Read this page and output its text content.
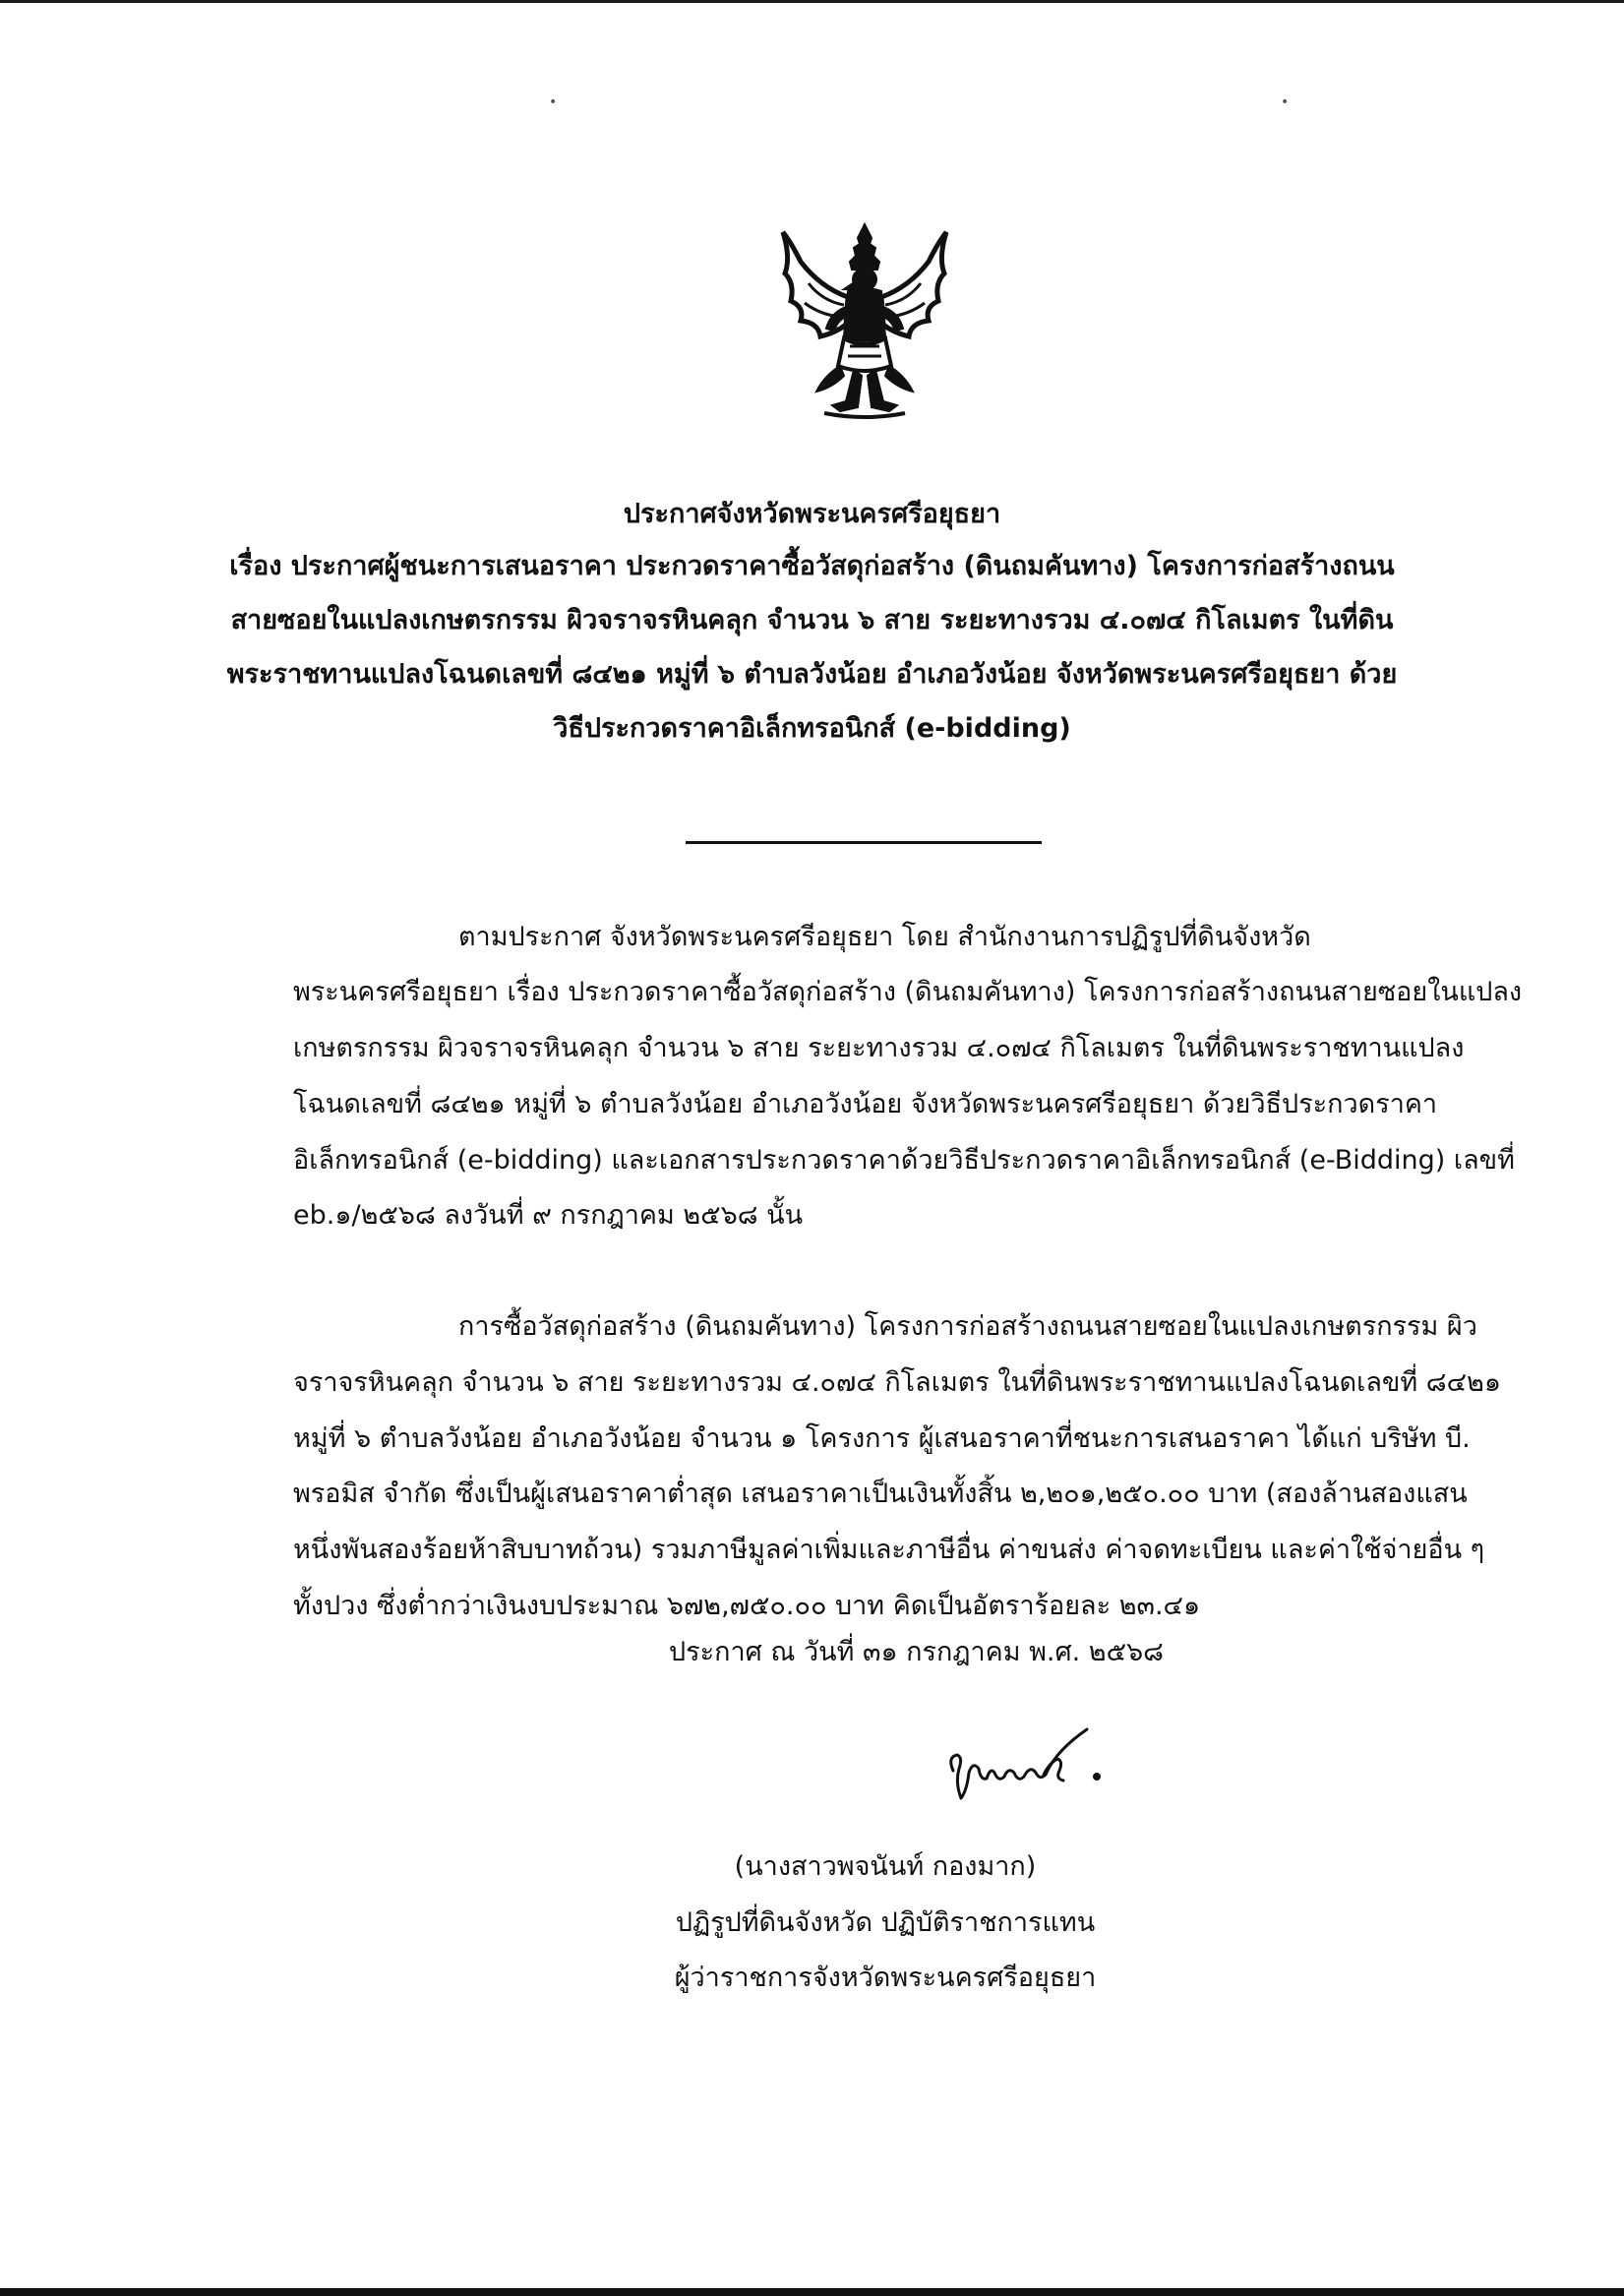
•	•
ประกาศจังหวัดพระนครศรีอยุธยา
เรื่อง ประกาศผู้ชนะการเสนอราคา ประกวดราคาซื้อวัสดุก่อสร้าง (ดินถมคันทาง) โครงการก่อสร้างถนน
สายซอยในแปลงเกษตรกรรม ผิวจราจรหินคลุก จำนวน ๖ สาย ระยะทางรวม ๔.๐๗๔ กิโลเมตร ในที่ดิน
พระราชทานแปลงโฉนดเลขที่ ๘๔๒๑ หมู่ที่ ๖ ตำบลวังน้อย อำเภอวังน้อย จังหวัดพระนครศรีอยุธยา ด้วย
วิธีประกวดราคาอิเล็กทรอนิกส์ (e-bidding)
ตามประกาศ จังหวัดพระนครศรีอยุธยา โดย สำนักงานการปฏิรูปที่ดินจังหวัด
พระนครศรีอยุธยา เรื่อง ประกวดราคาซื้อวัสดุก่อสร้าง (ดินถมคันทาง) โครงการก่อสร้างถนนสายซอยในแปลง
เกษตรกรรม ผิวจราจรหินคลุก จำนวน ๖ สาย ระยะทางรวม ๔.๐๗๔ กิโลเมตร ในที่ดินพระราชทานแปลง
โฉนดเลขที่ ๘๔๒๑ หมู่ที่ ๖ ตำบลวังน้อย อำเภอวังน้อย จังหวัดพระนครศรีอยุธยา ด้วยวิธีประกวดราคา
อิเล็กทรอนิกส์ (e-bidding) และเอกสารประกวดราคาด้วยวิธีประกวดราคาอิเล็กทรอนิกส์ (e-Bidding) เลขที่
eb.๑/๒๕๖๘ ลงวันที่ ๙ กรกฎาคม ๒๕๖๘ นั้น
การซื้อวัสดุก่อสร้าง (ดินถมคันทาง) โครงการก่อสร้างถนนสายซอยในแปลงเกษตรกรรม ผิว
จราจรหินคลุก จำนวน ๖ สาย ระยะทางรวม ๔.๐๗๔ กิโลเมตร ในที่ดินพระราชทานแปลงโฉนดเลขที่ ๘๔๒๑
หมู่ที่ ๖ ตำบลวังน้อย อำเภอวังน้อย จำนวน ๑ โครงการ ผู้เสนอราคาที่ชนะการเสนอราคา ได้แก่ บริษัท บี.
พรอมิส จำกัด ซึ่งเป็นผู้เสนอราคาต่ำสุด เสนอราคาเป็นเงินทั้งสิ้น ๒,๒๐๑,๒๕๐.๐๐ บาท (สองล้านสองแสน
หนึ่งพันสองร้อยห้าสิบบาทถ้วน) รวมภาษีมูลค่าเพิ่มและภาษีอื่น ค่าขนส่ง ค่าจดทะเบียน และค่าใช้จ่ายอื่น ๆ
ทั้งปวง ซึ่งต่ำกว่าเงินงบประมาณ ๖๗๒,๗๕๐.๐๐ บาท คิดเป็นอัตราร้อยละ ๒๓.๔๑
ประกาศ ณ วันที่ ๓๑ กรกฎาคม พ.ศ. ๒๕๖๘
(นางสาวพจนันท์ กองมาก)
ปฏิรูปที่ดินจังหวัด ปฏิบัติราชการแทน
ผู้ว่าราชการจังหวัดพระนครศรีอยุธยา
